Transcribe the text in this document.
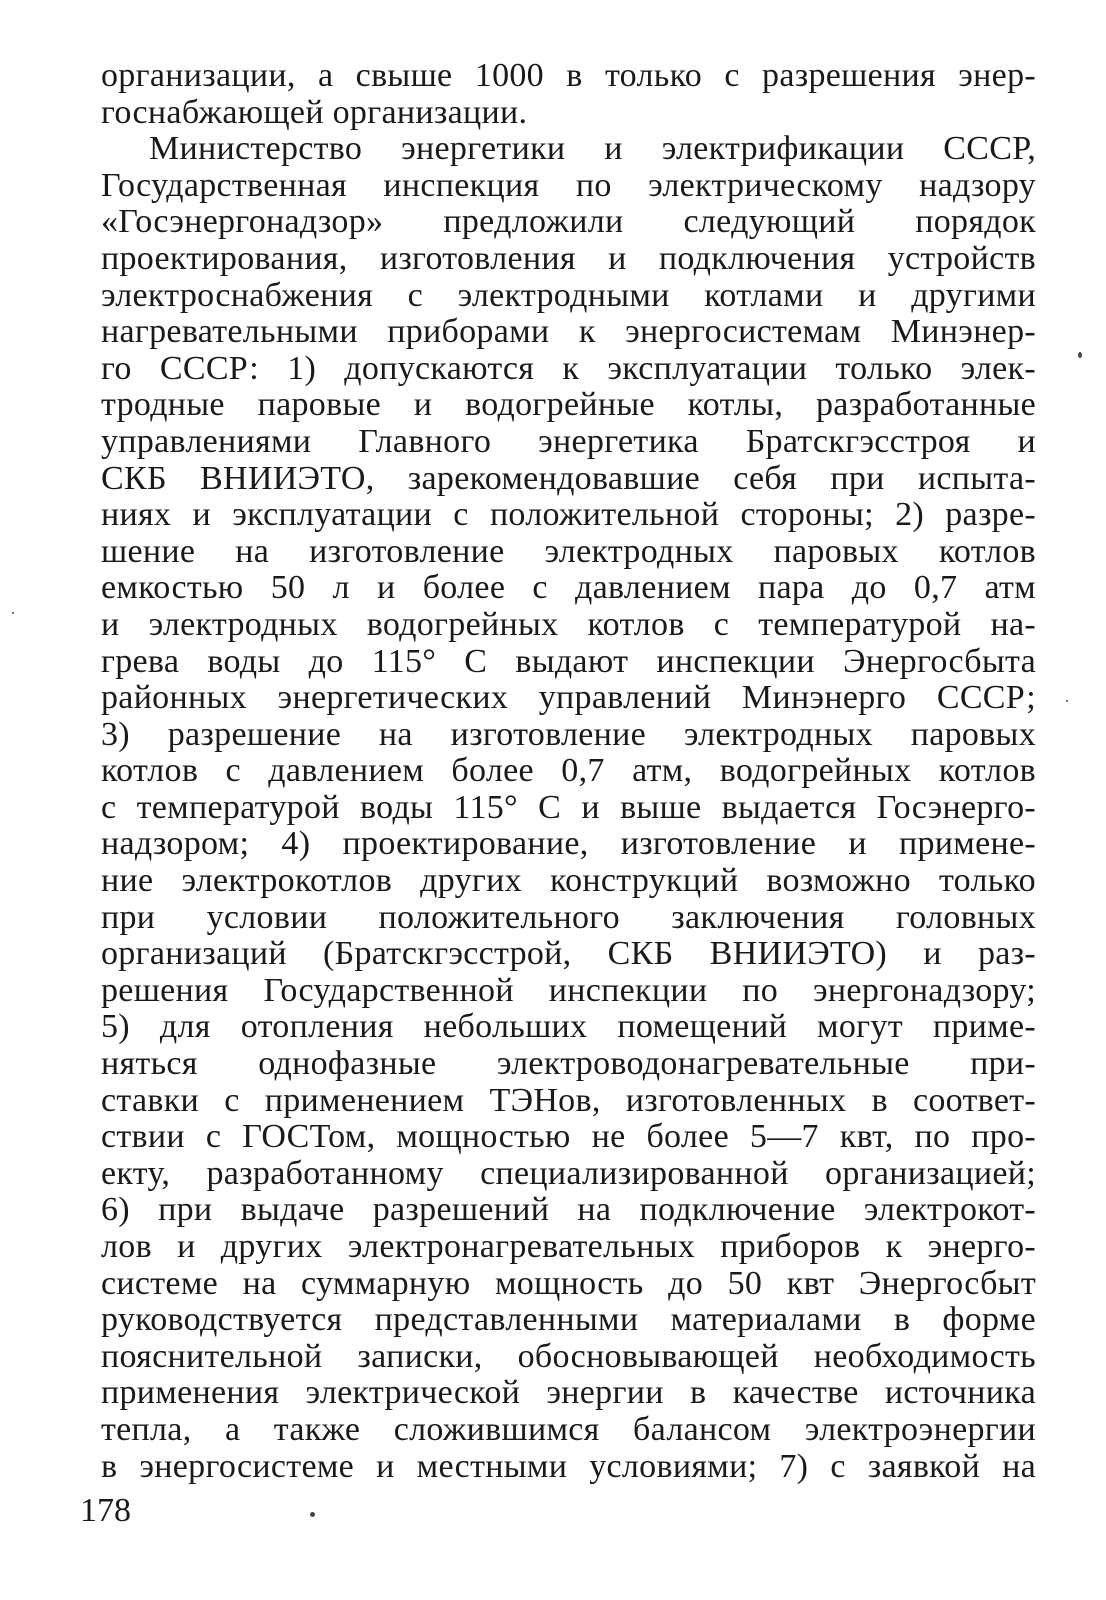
организации, а свыше 1000 в только с разрешения энер-
госнабжающей организации.
Министерство энергетики и электрификации СССР,
Государственная инспекция по электрическому надзору
«Госэнергонадзор» предложили следующий порядок
проектирования, изготовления и подключения устройств
электроснабжения с электродными котлами и другими
нагревательными приборами к энергосистемам Минэнер-
го СССР: 1) допускаются к эксплуатации только элек-
тродные паровые и водогрейные котлы, разработанные
управлениями Главного энергетика Братскгэсстроя и
СКБ ВНИИЭТО, зарекомендовавшие себя при испыта-
ниях и эксплуатации с положительной стороны; 2) разре-
шение на изготовление электродных паровых котлов
емкостью 50 л и более с давлением пара до 0,7 атм
и электродных водогрейных котлов с температурой на-
грева воды до 115° С выдают инспекции Энергосбыта
районных энергетических управлений Минэнерго СССР;
3) разрешение на изготовление электродных паровых
котлов с давлением более 0,7 атм, водогрейных котлов
с температурой воды 115° С и выше выдается Госэнерго-
надзором; 4) проектирование, изготовление и примене-
ние электрокотлов других конструкций возможно только
при условии положительного заключения головных
организаций (Братскгэсстрой, СКБ ВНИИЭТО) и раз-
решения Государственной инспекции по энергонадзору;
5) для отопления небольших помещений могут приме-
няться однофазные электроводонагревательные при-
ставки с применением ТЭНов, изготовленных в соответ-
ствии с ГОСТом, мощностью не более 5—7 квт, по про-
екту, разработанному специализированной организацией;
6) при выдаче разрешений на подключение электрокот-
лов и других электронагревательных приборов к энерго-
системе на суммарную мощность до 50 квт Энергосбыт
руководствуется представленными материалами в форме
пояснительной записки, обосновывающей необходимость
применения электрической энергии в качестве источника
тепла, а также сложившимся балансом электроэнергии
в энергосистеме и местными условиями; 7) с заявкой на
178
